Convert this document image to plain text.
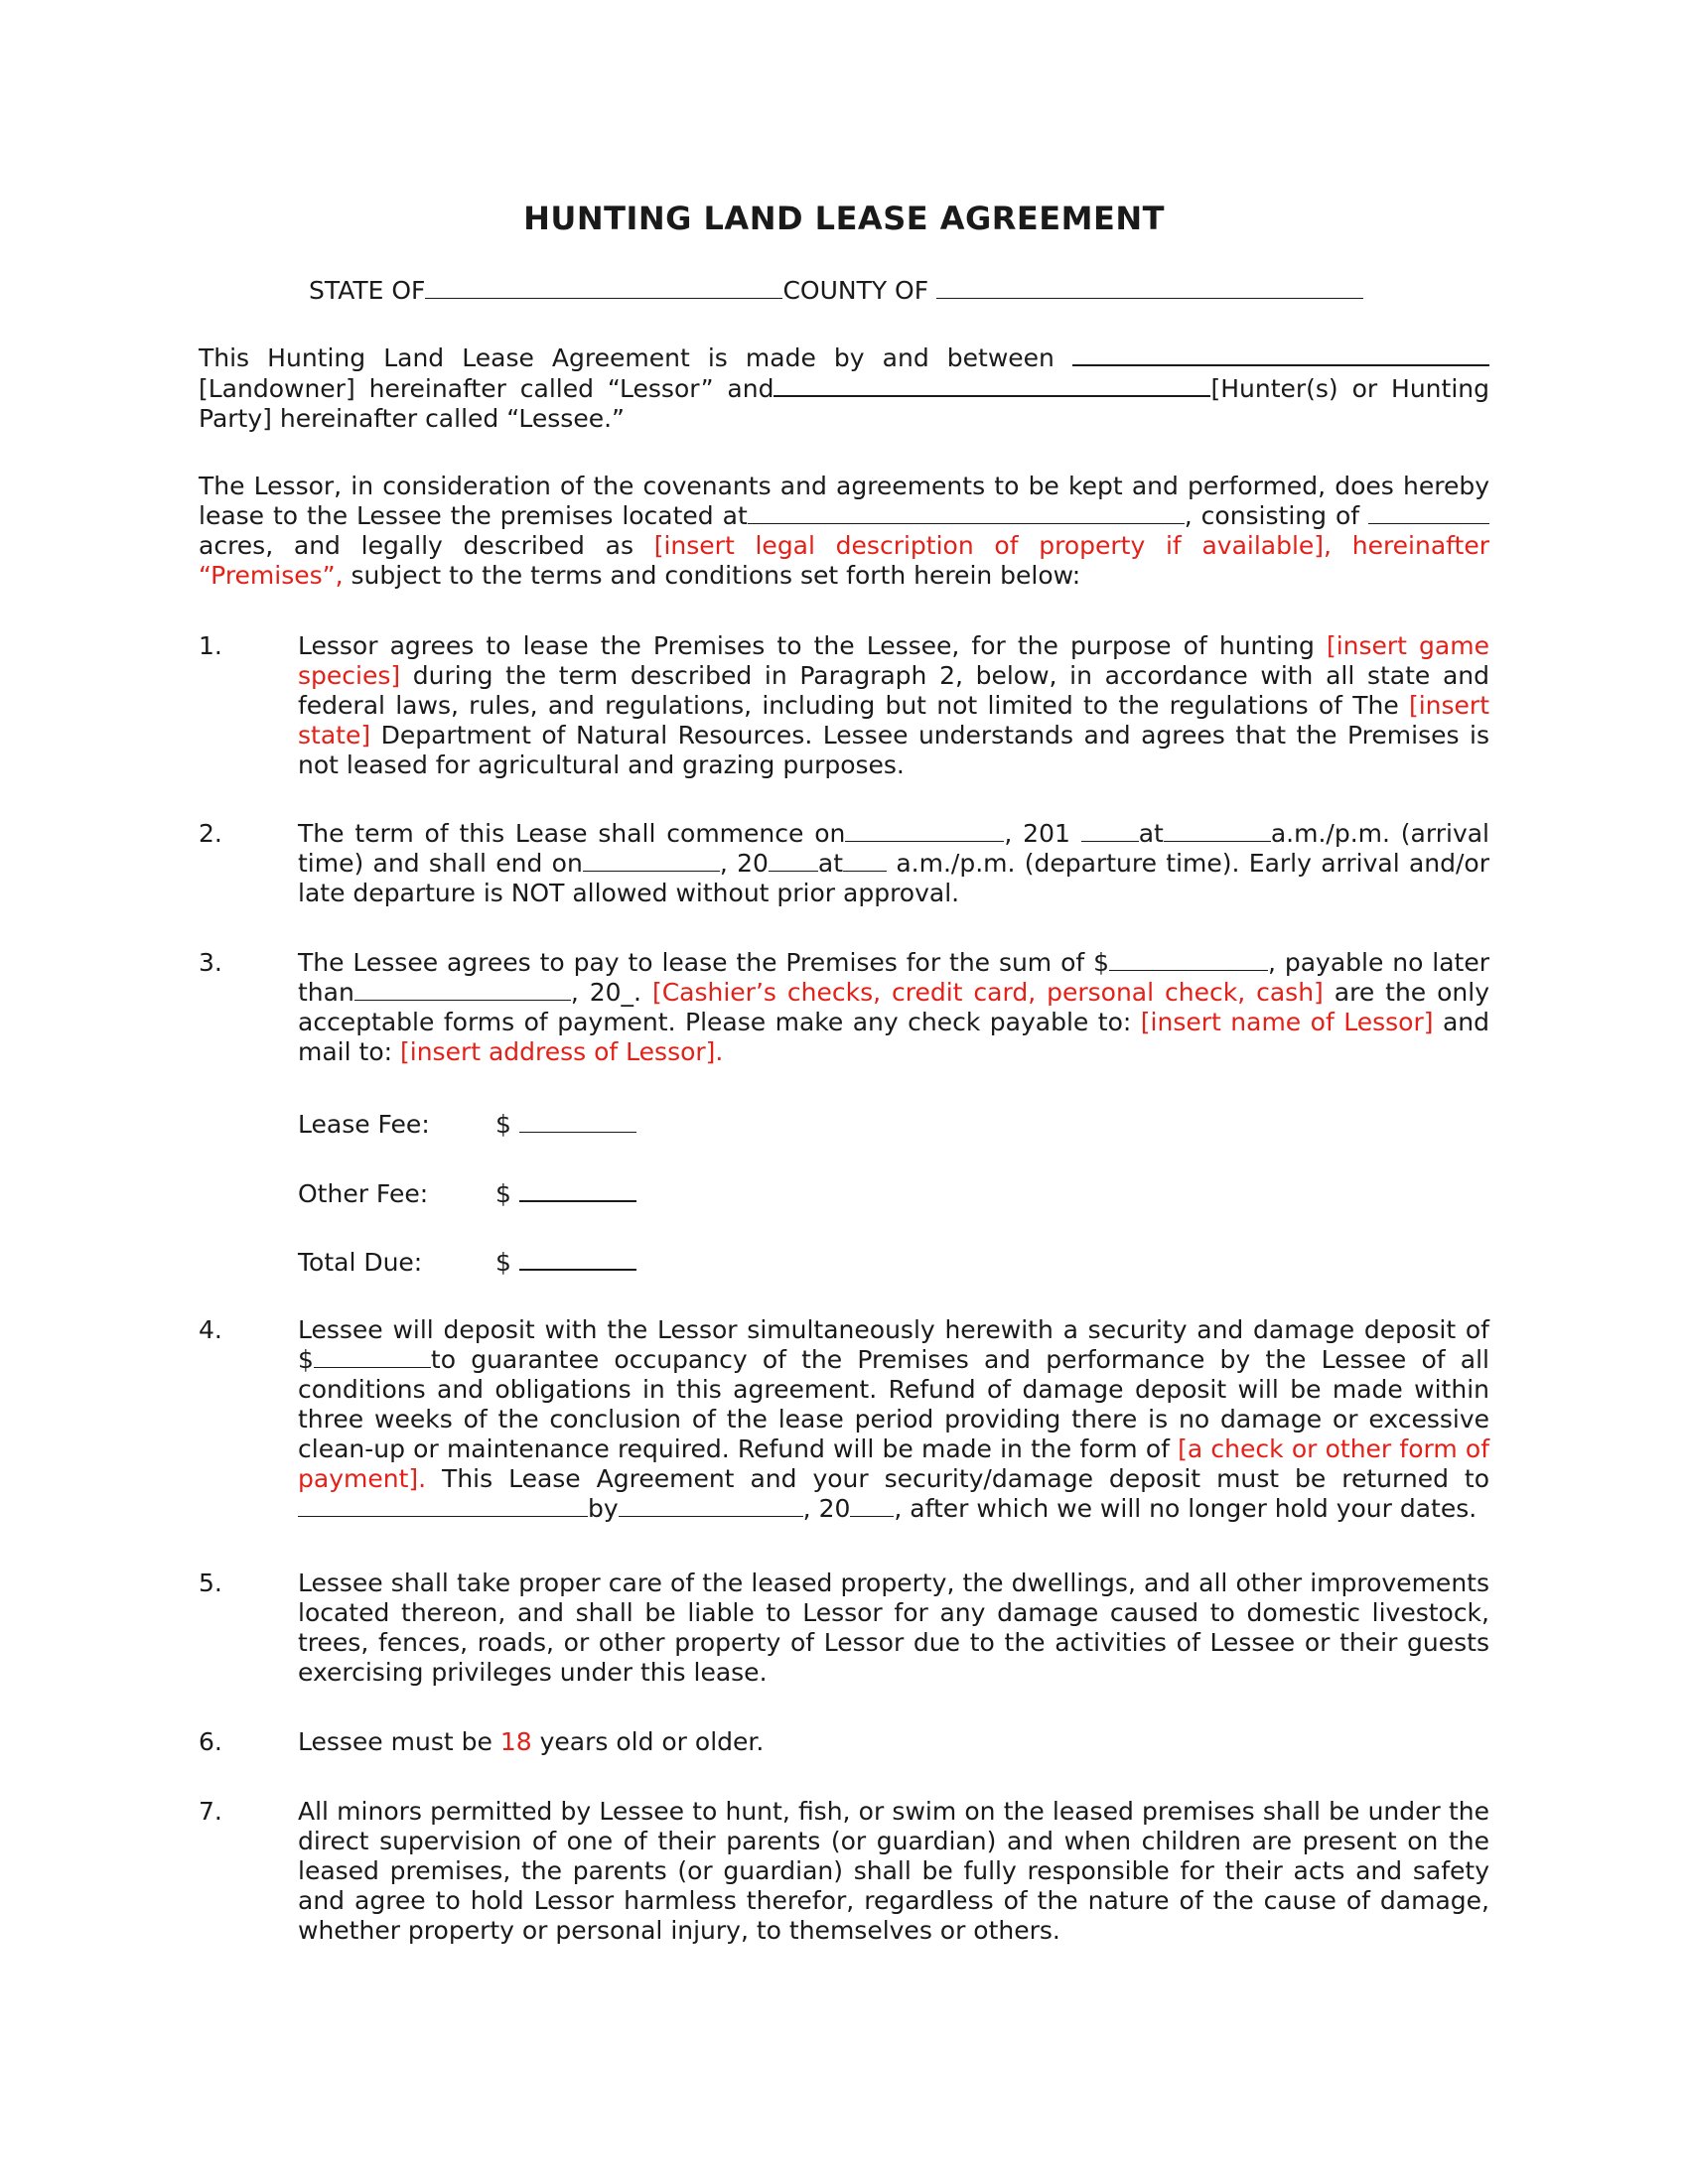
HUNTING LAND LEASE AGREEMENT
STATE OF	COUNTY OF
This Hunting Land Lease Agreement is made by and between  [Landowner] hereinafter called “Lessor” and	[Hunter(s) or Hunting Party] hereinafter called “Lessee.”
The Lessor, in consideration of the covenants and agreements to be kept and performed, does hereby lease to the Lessee the premises located at	, consisting of  acres, and legally described as [insert legal description of property if available], hereinafter “Premises”, subject to the terms and conditions set forth herein below:
1.	Lessor agrees to lease the Premises to the Lessee, for the purpose of hunting [insert game species] during the term described in Paragraph 2, below, in accordance with all state and federal laws, rules, and regulations, including but not limited to the regulations of The [insert state] Department of Natural Resources. Lessee understands and agrees that the Premises is not leased for agricultural and grazing purposes.
2.	The term of this Lease shall commence on	, 201	at	a.m./p.m. (arrival time) and shall end on	, 20 at a.m./p.m. (departure time). Early arrival and/or late departure is NOT allowed without prior approval.
3.	The Lessee agrees to pay to lease the Premises for the sum of $	, payable no later than	, 20_. [Cashier’s checks, credit card, personal check, cash] are the only acceptable forms of payment. Please make any check payable to: [insert name of Lessor] and mail to: [insert address of Lessor].
Lease Fee:	$
Other Fee:	$
Total Due:	$
4.	Lessee will deposit with the Lessor simultaneously herewith a security and damage deposit of $	to guarantee occupancy of the Premises and performance by the Lessee of all conditions and obligations in this agreement. Refund of damage deposit will be made within three weeks of the conclusion of the lease period providing there is no damage or excessive clean-up or maintenance required. Refund will be made in the form of [a check or other form of payment]. This Lease Agreement and your security/damage deposit must be returned to by	, 20 , after which we will no longer hold your dates.
5.	Lessee shall take proper care of the leased property, the dwellings, and all other improvements located thereon, and shall be liable to Lessor for any damage caused to domestic livestock, trees, fences, roads, or other property of Lessor due to the activities of Lessee or their guests exercising privileges under this lease.
6.	Lessee must be 18 years old or older.
7.	All minors permitted by Lessee to hunt, fish, or swim on the leased premises shall be under the direct supervision of one of their parents (or guardian) and when children are present on the leased premises, the parents (or guardian) shall be fully responsible for their acts and safety and agree to hold Lessor harmless therefor, regardless of the nature of the cause of damage, whether property or personal injury, to themselves or others.
